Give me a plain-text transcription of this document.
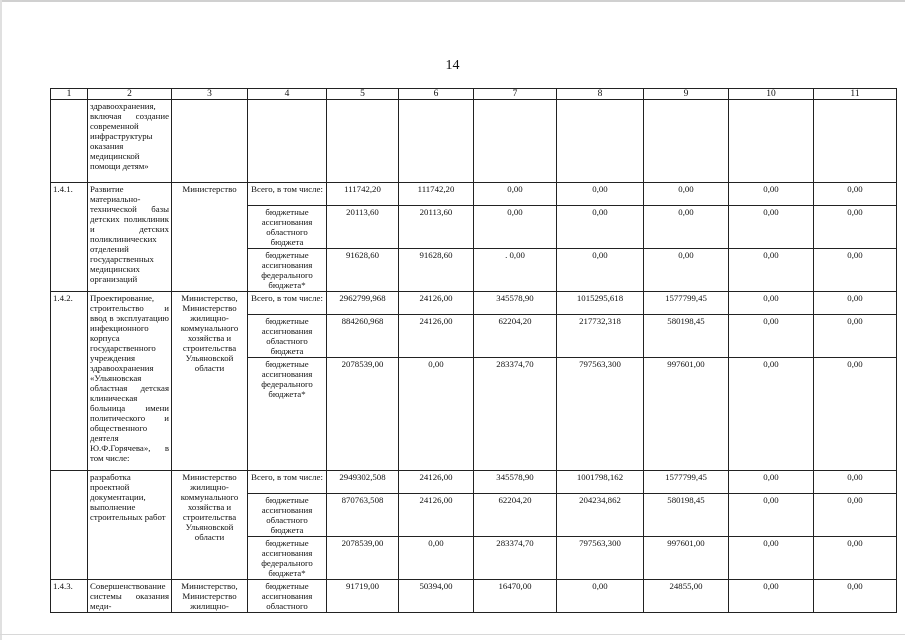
14
1	2	3	4	5	6	7	8	9	10	11
	здравоохранения, включая создание современной инфраструктуры оказания медицинской помощи детям»									
1.4.1.	Развитие материально-технической базы детских поликлиник и детских поликлинических отделений государственных медицинских организаций	Министерство	Всего, в том числе:	111742,20	111742,20	0,00	0,00	0,00	0,00	0,00
			бюджетные ассигнования областного бюджета	20113,60	20113,60	0,00	0,00	0,00	0,00	0,00
			бюджетные ассигнования федерального бюджета*	91628,60	91628,60	. 0,00	0,00	0,00	0,00	0,00
1.4.2.	Проектирование, строительство и ввод в эксплуатацию инфекционного корпуса государственного учреждения здравоохранения «Ульяновская областная детская клиническая больница имени политического и общественного деятеля Ю.Ф.Горячева», в том числе:	Министерство, Министерство жилищно-коммунального хозяйства и строительства Ульяновской области	Всего, в том числе:	2962799,968	24126,00	345578,90	1015295,618	1577799,45	0,00	0,00
			бюджетные ассигнования областного бюджета	884260,968	24126,00	62204,20	217732,318	580198,45	0,00	0,00
			бюджетные ассигнования федерального бюджета*	2078539,00	0,00	283374,70	797563,300	997601,00	0,00	0,00
	разработка проектной документации, выполнение строительных работ	Министерство жилищно-коммунального хозяйства и строительства Ульяновской области	Всего, в том числе:	2949302,508	24126,00	345578,90	1001798,162	1577799,45	0,00	0,00
			бюджетные ассигнования областного бюджета	870763,508	24126,00	62204,20	204234,862	580198,45	0,00	0,00
			бюджетные ассигнования федерального бюджета*	2078539,00	0,00	283374,70	797563,300	997601,00	0,00	0,00
1.4.3.	Совершенствование системы оказания меди-	Министерство, Министерство жилищно-	бюджетные ассигнования областного	91719,00	50394,00	16470,00	0,00	24855,00	0,00	0,00
